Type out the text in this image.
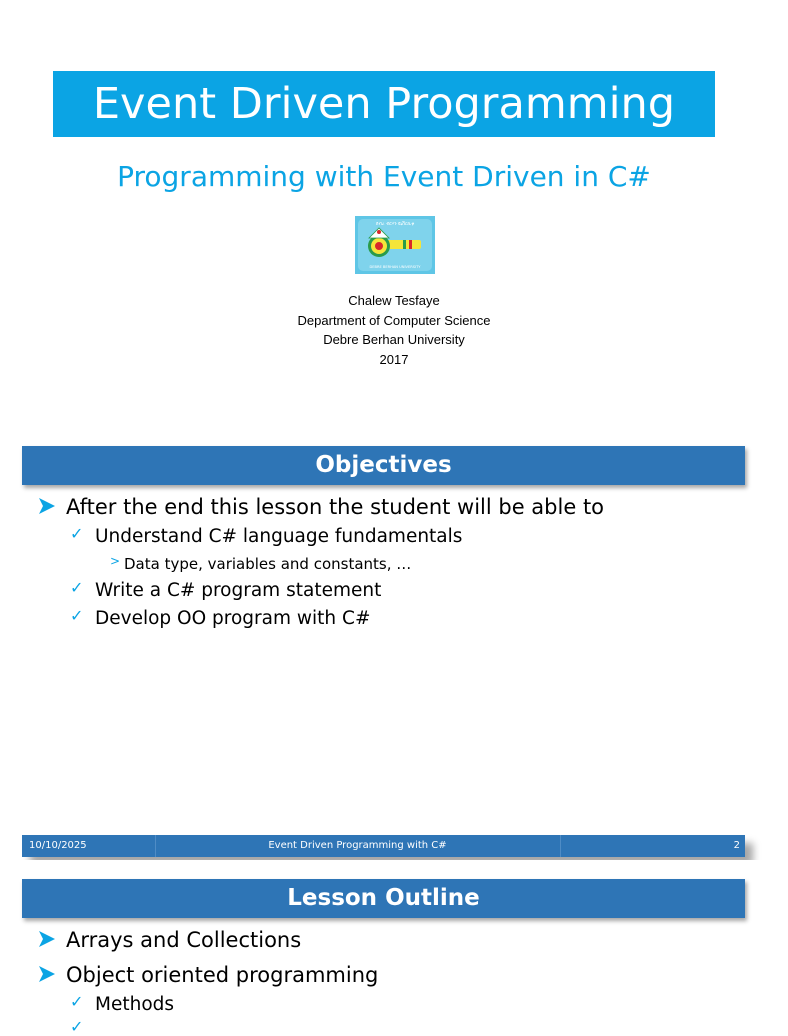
Event Driven Programming
Programming with Event Driven in C#
ደብረ ብርሃን ዩኒቨርሲቲ
DEBRE BERHAN UNIVERSITY
Chalew Tesfaye
Department of Computer Science
Debre Berhan University
2017
Objectives
After the end this lesson the student will be able to
✓ Understand C# language fundamentals
> Data type, variables and constants, …
✓ Write a C# program statement
✓ Develop OO program with C#
10/10/2025	Event Driven Programming with C#	2
Lesson Outline
Arrays and Collections
Object oriented programming
✓ Methods
✓
